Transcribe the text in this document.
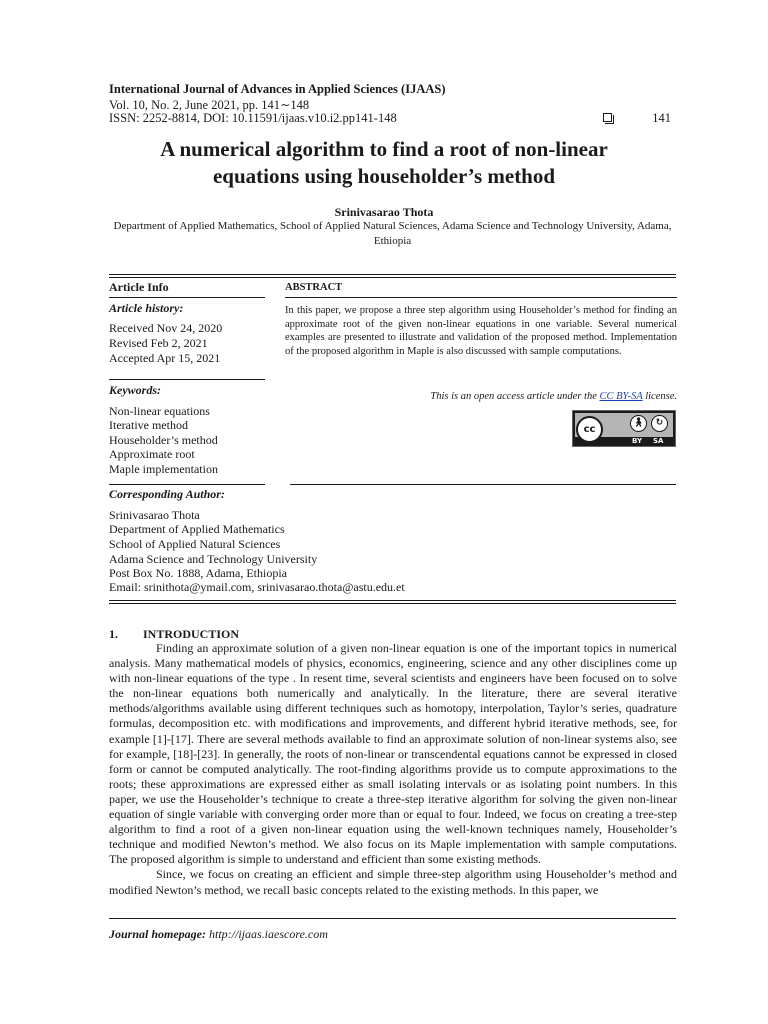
International Journal of Advances in Applied Sciences (IJAAS)
Vol. 10, No. 2, June 2021, pp. 141∼148
ISSN: 2252-8814, DOI: 10.11591/ijaas.v10.i2.pp141-148	141
A numerical algorithm to find a root of non-linear
equations using householder’s method
Srinivasarao Thota
Department of Applied Mathematics, School of Applied Natural Sciences, Adama Science and Technology University, Adama, Ethiopia
Article Info
Article history:
Received Nov 24, 2020
Revised Feb 2, 2021
Accepted Apr 15, 2021
Keywords:
Non-linear equations
Iterative method
Householder’s method
Approximate root
Maple implementation
ABSTRACT
In this paper, we propose a three step algorithm using Householder’s method for finding an approximate root of the given non-linear equations in one variable. Several numerical examples are presented to illustrate and validation of the proposed method. Implementation of the proposed algorithm in Maple is also discussed with sample computations.
This is an open access article under the CC BY-SA license.
cc
🚶︎	↻
BY SA
Corresponding Author:
Srinivasarao Thota
Department of Applied Mathematics
School of Applied Natural Sciences
Adama Science and Technology University
Post Box No. 1888, Adama, Ethiopia
Email: srinithota@ymail.com, srinivasarao.thota@astu.edu.et
1. INTRODUCTION

Finding an approximate solution of a given non-linear equation is one of the important topics in numerical analysis. Many mathematical models of physics, economics, engineering, science and any other disciplines come up with non-linear equations of the type . In resent time, several scientists and engineers have been focused on to solve the non-linear equations both numerically and analytically. In the literature, there are several iterative methods/algorithms available using different techniques such as homotopy, interpolation, Taylor’s series, quadrature formulas, decomposition etc. with modifications and improvements, and different hybrid iterative methods, see, for example [1]-[17]. There are several methods available to find an approximate solution of non-linear systems also, see for example, [18]-[23]. In generally, the roots of non-linear or transcendental equations cannot be expressed in closed form or cannot be computed analytically. The root-finding algorithms provide us to compute approximations to the roots; these approximations are expressed either as small isolating intervals or as isolating point numbers. In this paper, we use the Householder’s technique to create a three-step iterative algorithm for solving the given non-linear equation of single variable with converging order more than or equal to four. Indeed, we focus on creating a tree-step algorithm to find a root of a given non-linear equation using the well-known techniques namely, Householder’s technique and modified Newton’s method. We also focus on its Maple implementation with sample computations. The proposed algorithm is simple to understand and efficient than some existing methods.

Since, we focus on creating an efficient and simple three-step algorithm using Householder’s method and modified Newton’s method, we recall basic concepts related to the existing methods. In this paper, we

Journal homepage: http://ijaas.iaescore.com
